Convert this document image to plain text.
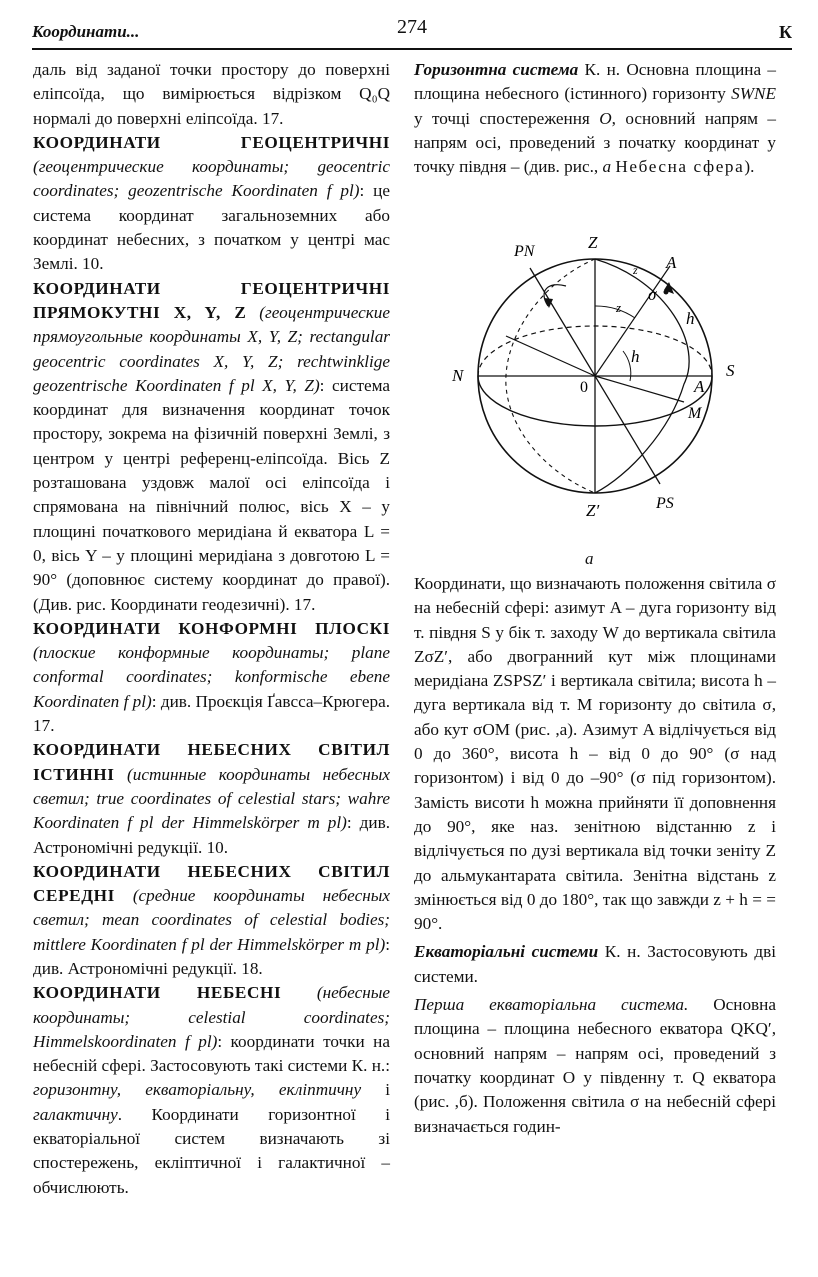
Координати...	274	К

даль від заданої точки простору до поверхні еліпсоїда, що вимірюється відрізком Q₀Q нормалі до поверхні еліпсоїда. 17.

КООРДИНАТИ ГЕОЦЕНТРИЧНІ (геоцентрические координаты; geocentric coordinates; geozentrische Koordinaten f pl): це система координат загальноземних або координат небесних, з початком у центрі мас Землі. 10.

КООРДИНАТИ ГЕОЦЕНТРИЧНІ ПРЯМОКУТНІ X, Y, Z (геоцентрические прямоугольные координаты X, Y, Z; rectangular geocentric coordinates X, Y, Z; rechtwinklige geozentrische Koordinaten f pl X, Y, Z): система координат для визначення координат точок простору, зокрема на фізичній поверхні Землі, з центром у центрі референц-еліпсоїда. Вісь Z розташована уздовж малої осі еліпсоїда і спрямована на північний полюс, вісь X – у площині початкового меридіана й екватора L = 0, вісь Y – у площині меридіана з довготою L = 90° (доповнює систему координат до правої). (Див. рис. Координати геодезичні). 17.

КООРДИНАТИ КОНФОРМНІ ПЛОСКІ (плоские конформные координаты; plane conformal coordinates; konformische ebene Koordinaten f pl): див. Проєкція Ґавсса–Крюгера. 17.

КООРДИНАТИ НЕБЕСНИХ СВІТИЛ ІСТИННІ (истинные координаты небесных светил; true coordinates of celestial stars; wahre Koordinaten f pl der Himmelskörper m pl): див. Астрономічні редукції. 10.

КООРДИНАТИ НЕБЕСНИХ СВІТИЛ СЕРЕДНІ (средние координаты небесных светил; mean coordinates of celestial bodies; mittlere Koordinaten f pl der Himmelskörper m pl): див. Астрономічні редукції. 18.

КООРДИНАТИ НЕБЕСНІ (небесные координаты; celestial coordinates; Himmelskoordinaten f pl): координати точки на небесній сфері. Застосовують такі системи К. н.: горизонтну, екваторіальну, екліптичну і галактичну. Координати горизонтної і екваторіальної систем визначають зі спостережень, екліптичної і галактичної – обчислюють.

Горизонтна система К. н. Основна площина – площина небесного (істинного) горизонту SWNE у точці спостереження O, основний напрям – напрям осі, проведений з початку координат у точку півдня – (див. рис., a Небесна сфера).

Z
Z′
N	S
PN
PS
0
A
A
M
σ
h
h
z
z
а

Координати, що визначають положення світила σ на небесній сфері: азимут A – дуга горизонту від т. півдня S у бік т. заходу W до вертикала світила ZσZ′, або двогранний кут між площинами меридіана ZSPSZ′ і вертикала світила; висота h – дуга вертикала від т. M горизонту до світила σ, або кут σOM (рис. ,а). Азимут A відлічується від 0 до 360°, висота h – від 0 до 90° (σ над горизонтом) і від 0 до –90° (σ під горизонтом). Замість висоти h можна прийняти її доповнення до 90°, яке наз. зенітною відстанню z і відлічується по дузі вертикала від точки зеніту Z до альмукантарата світила. Зенітна відстань z змінюється від 0 до 180°, так що завжди z + h = = 90°.

Екваторіальні системи К. н. Застосовують дві системи.

Перша екваторіальна система. Основна площина – площина небесного екватора QKQ′, основний напрям – напрям осі, проведений з початку координат O у південну т. Q екватора (рис. ,б). Положення світила σ на небесній сфері визначається годин-
